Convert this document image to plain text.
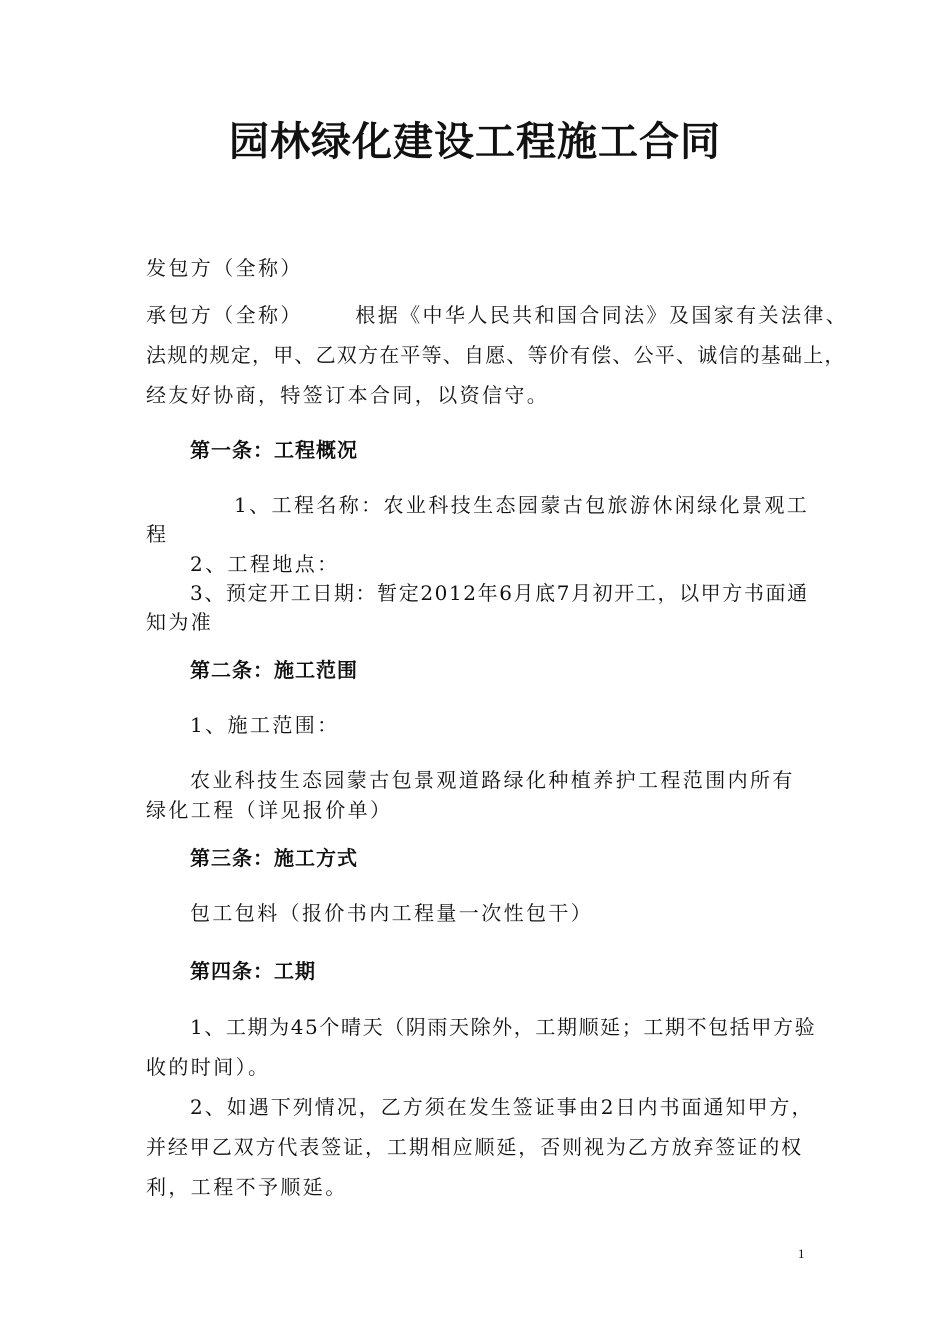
园林绿化建设工程施工合同
发包方（全称）
承包方（全称）      根据《中华人民共和国合同法》及国家有关法律、
法规的规定，甲、乙双方在平等、自愿、等价有偿、公平、诚信的基础上，
经友好协商，特签订本合同，以资信守。
第一条：工程概况
1、工程名称：农业科技生态园蒙古包旅游休闲绿化景观工
程
2、工程地点：
3、预定开工日期：暂定2012年6月底7月初开工，以甲方书面通
知为准
第二条：施工范围
1、施工范围：
农业科技生态园蒙古包景观道路绿化种植养护工程范围内所有
绿化工程（详见报价单）
第三条：施工方式
包工包料（报价书内工程量一次性包干）
第四条：工期
1、工期为45个晴天（阴雨天除外，工期顺延；工期不包括甲方验
收的时间）。
2、如遇下列情况，乙方须在发生签证事由2日内书面通知甲方，
并经甲乙双方代表签证，工期相应顺延，否则视为乙方放弃签证的权
利，工程不予顺延。
1
